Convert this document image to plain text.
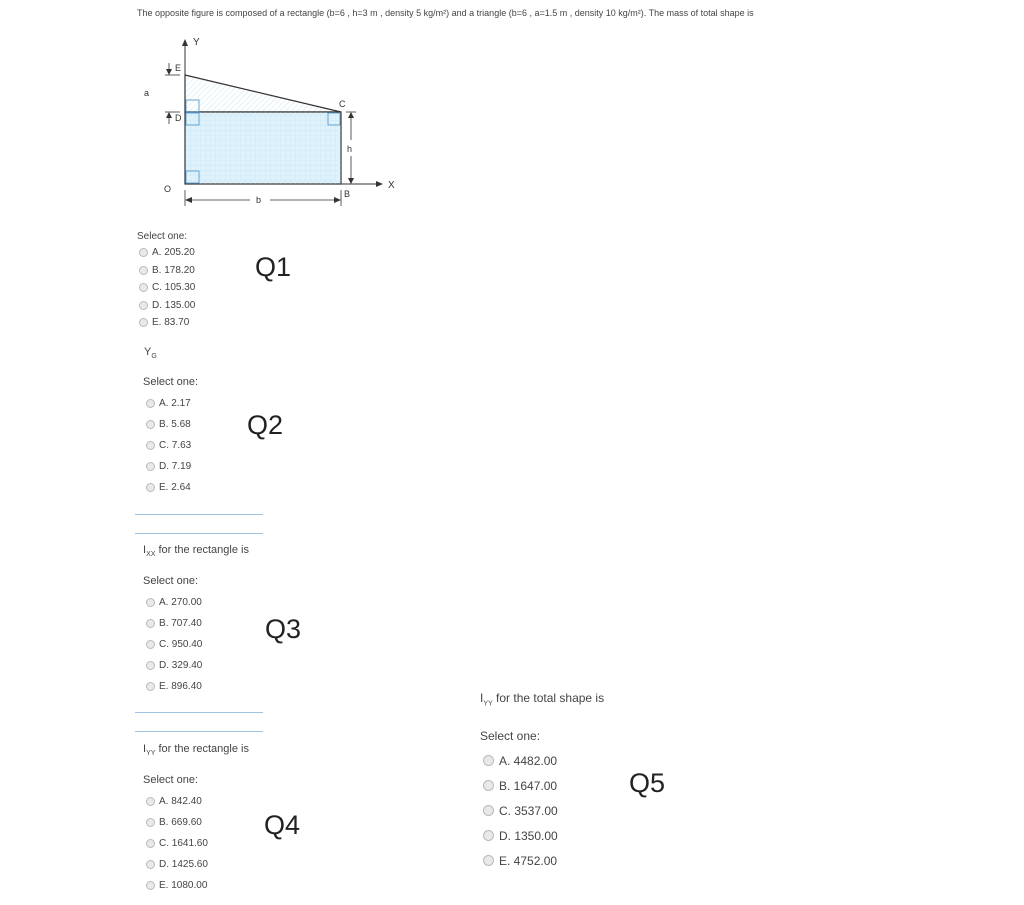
The opposite figure is composed of a rectangle (b=6 , h=3 m , density 5 kg/m²) and a triangle (b=6 , a=1.5 m , density 10 kg/m²). The mass of total shape is
Y
E
a
D
C
h
O	B
X
b
Select one:
A. 205.20
B. 178.20
C. 105.30
D. 135.00
E. 83.70
Q1
$Y_G$
Select one:
A. 2.17
B. 5.68
C. 7.63
D. 7.19
E. 2.64
Q2
$I_{XX}$ for the rectangle is
Select one:
A. 270.00
B. 707.40
C. 950.40
D. 329.40
E. 896.40
Q3
$I_{YY}$ for the rectangle is
Select one:
A. 842.40
B. 669.60
C. 1641.60
D. 1425.60
E. 1080.00
Q4
$I_{YY}$ for the total shape is
Select one:
A. 4482.00
B. 1647.00
C. 3537.00
D. 1350.00
E. 4752.00
Q5
